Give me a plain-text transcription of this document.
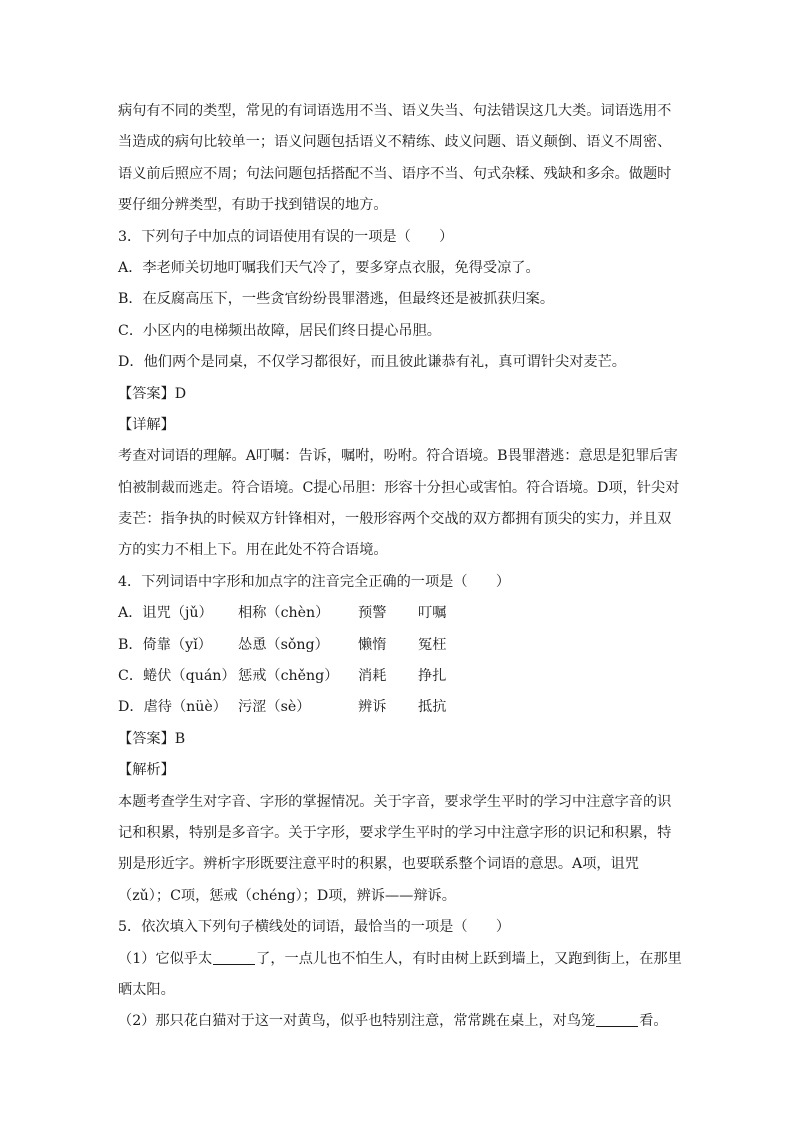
病句有不同的类型，常见的有词语选用不当、语义失当、句法错误这几大类。词语选用不
当造成的病句比较单一；语义问题包括语义不精练、歧义问题、语义颠倒、语义不周密、
语义前后照应不周；句法问题包括搭配不当、语序不当、句式杂糅、残缺和多余。做题时
要仔细分辨类型，有助于找到错误的地方。
3．下列句子中加点的词语使用有误的一项是（　　）
A．李老师关切地叮嘱我们天气冷了，要多穿点衣服，免得受凉了。
B．在反腐高压下，一些贪官纷纷畏罪潜逃，但最终还是被抓获归案。
C．小区内的电梯频出故障，居民们终日提心吊胆。
D．他们两个是同桌，不仅学习都很好，而且彼此谦恭有礼，真可谓针尖对麦芒。
【答案】D
【详解】
考查对词语的理解。A叮嘱：告诉，嘱咐，吩咐。符合语境。B畏罪潜逃：意思是犯罪后害
怕被制裁而逃走。符合语境。C提心吊胆：形容十分担心或害怕。符合语境。D项，针尖对
麦芒：指争执的时候双方针锋相对，一般形容两个交战的双方都拥有顶尖的实力，并且双
方的实力不相上下。用在此处不符合语境。
4．下列词语中字形和加点字的注音完全正确的一项是（　　）
A．诅咒（jǔ）	相称（chèn）	预警	叮嘱
B．倚靠（yǐ）	怂恿（sǒng）	懒惰	冤枉
C．蜷伏（quán） 惩戒（chěng）	消耗	挣扎
D．虐待（nüè） 污涩（sè）	辨诉	抵抗
【答案】B
【解析】
本题考查学生对字音、字形的掌握情况。关于字音，要求学生平时的学习中注意字音的识
记和积累，特别是多音字。关于字形，要求学生平时的学习中注意字形的识记和积累，特
别是形近字。辨析字形既要注意平时的积累，也要联系整个词语的意思。A项，诅咒
（zǔ）；C项，惩戒（chéng）；D项，辨诉——辩诉。
5．依次填入下列句子横线处的词语，最恰当的一项是（　　）
（1）它似乎太	了，一点儿也不怕生人，有时由树上跃到墙上，又跑到街上，在那里
晒太阳。
（2）那只花白猫对于这一对黄鸟，似乎也特别注意，常常跳在桌上，对鸟笼	看。
